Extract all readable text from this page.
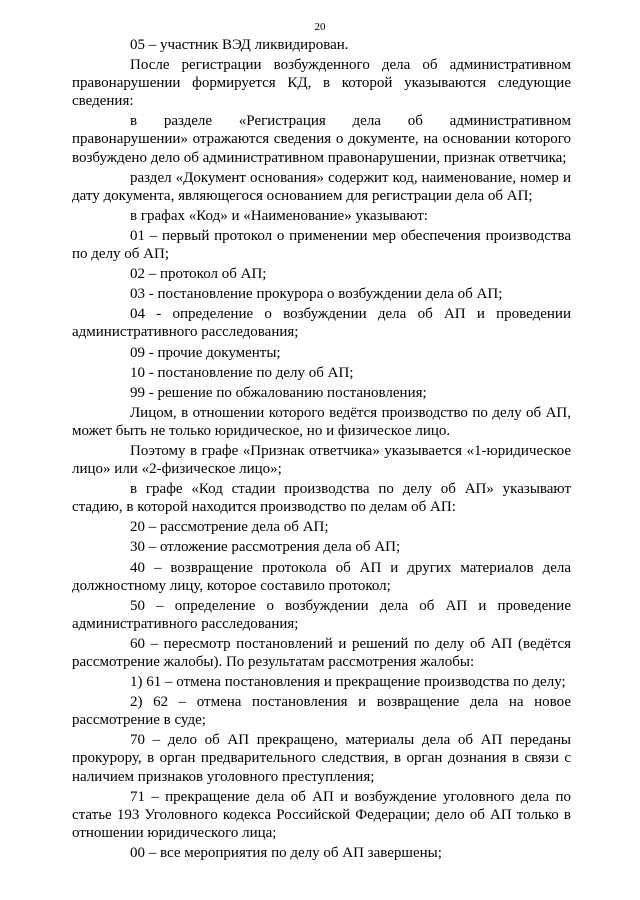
20

05 – участник ВЭД ликвидирован.

После регистрации возбужденного дела об административном правонарушении формируется КД, в которой указываются следующие сведения:

в разделе «Регистрация дела об административном правонарушении» отражаются сведения о документе, на основании которого возбуждено дело об административном правонарушении, признак ответчика;

раздел «Документ основания» содержит код, наименование, номер и дату документа, являющегося основанием для регистрации дела об АП;

в графах «Код» и «Наименование» указывают:

01 – первый протокол о применении мер обеспечения производства по делу об АП;

02 – протокол об АП;

03 - постановление прокурора о возбуждении дела об АП;

04 - определение о возбуждении дела об АП и проведении административного расследования;

09 - прочие документы;

10 - постановление по делу об АП;

99 - решение по обжалованию постановления;

Лицом, в отношении которого ведётся производство по делу об АП, может быть не только юридическое, но и физическое лицо.

Поэтому в графе «Признак ответчика» указывается «1-юридическое лицо» или «2-физическое лицо»;

в графе «Код стадии производства по делу об АП» указывают стадию, в которой находится производство по делам об АП:

20 – рассмотрение дела об АП;

30 – отложение рассмотрения дела об АП;

40 – возвращение протокола об АП и других материалов дела должностному лицу, которое составило протокол;

50 – определение о возбуждении дела об АП и проведение административного расследования;

60 – пересмотр постановлений и решений по делу об АП (ведётся рассмотрение жалобы). По результатам рассмотрения жалобы:

1) 61 – отмена постановления и прекращение производства по делу;

2) 62 – отмена постановления и возвращение дела на новое рассмотрение в суде;

70 – дело об АП прекращено, материалы дела об АП переданы прокурору, в орган предварительного следствия, в орган дознания в связи с наличием признаков уголовного преступления;

71 – прекращение дела об АП и возбуждение уголовного дела по статье 193 Уголовного кодекса Российской Федерации; дело об АП только в отношении юридического лица;

00 – все мероприятия по делу об АП завершены;
